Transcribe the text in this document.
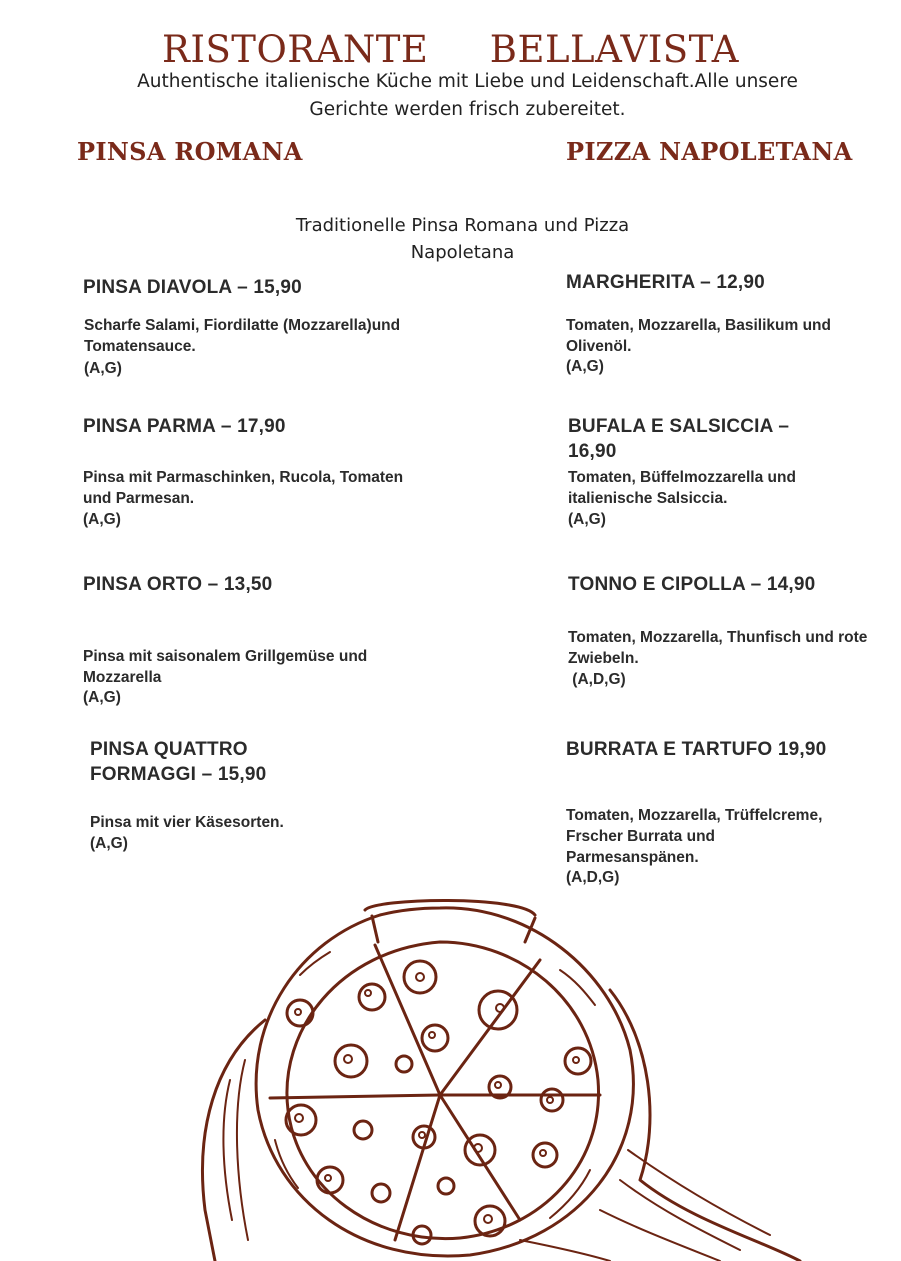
RISTORANTE     BELLAVISTA
Authentische italienische Küche mit Liebe und Leidenschaft.Alle unsere Gerichte werden frisch zubereitet.
PINSA ROMANA	PIZZA NAPOLETANA
Traditionelle Pinsa Romana und Pizza Napoletana
PINSA DIAVOLA – 15,90
Scharfe Salami, Fiordilatte (Mozzarella)und Tomatensauce.
(A,G)
PINSA PARMA – 17,90
Pinsa mit Parmaschinken, Rucola, Tomaten und Parmesan.
(A,G)
PINSA ORTO – 13,50
Pinsa mit saisonalem Grillgemüse und Mozzarella
(A,G)
PINSA QUATTRO FORMAGGI – 15,90
Pinsa mit vier Käsesorten.
(A,G)
MARGHERITA – 12,90
Tomaten, Mozzarella, Basilikum und Olivenöl.
(A,G)
BUFALA E SALSICCIA – 16,90
Tomaten, Büffelmozzarella und italienische Salsiccia.
(A,G)
TONNO E CIPOLLA – 14,90
Tomaten, Mozzarella, Thunfisch und rote Zwiebeln.
(A,D,G)
BURRATA E TARTUFO 19,90
Tomaten, Mozzarella, Trüffelcreme, Frscher Burrata und Parmesanspänen.
(A,D,G)
